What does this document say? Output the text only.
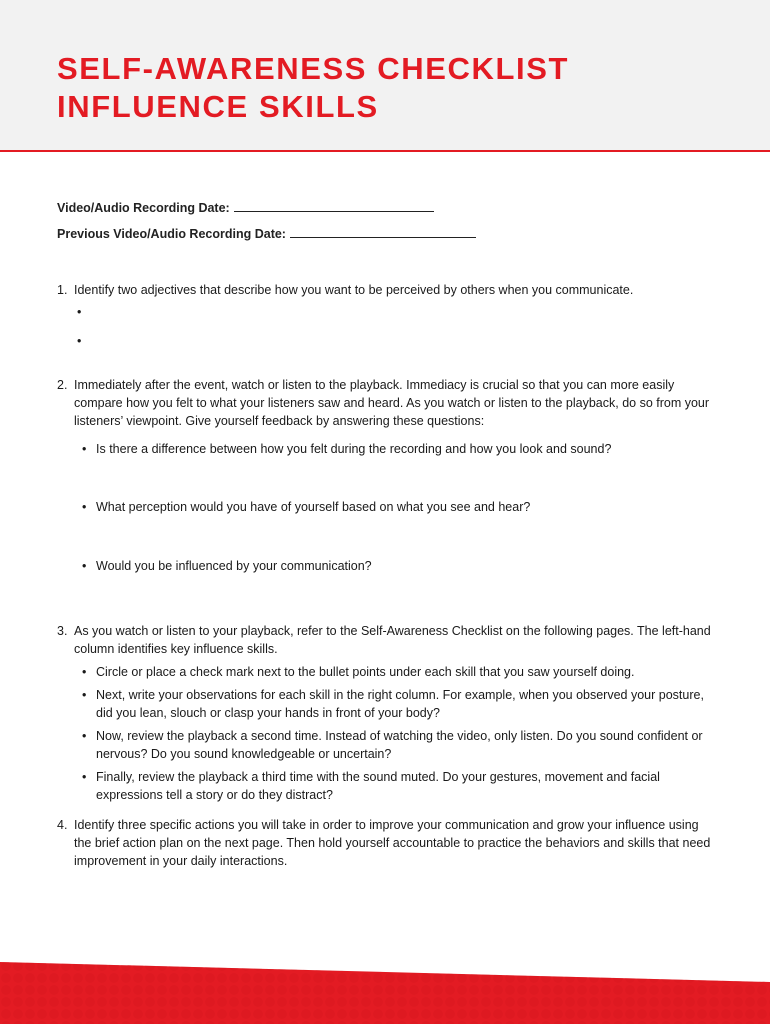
SELF-AWARENESS CHECKLIST
INFLUENCE SKILLS
Video/Audio Recording Date:
Previous Video/Audio Recording Date:
1. Identify two adjectives that describe how you want to be perceived by others when you communicate.
•
•
2. Immediately after the event, watch or listen to the playback. Immediacy is crucial so that you can more easily compare how you felt to what your listeners saw and heard. As you watch or listen to the playback, do so from your listeners’ viewpoint. Give yourself feedback by answering these questions:
• Is there a difference between how you felt during the recording and how you look and sound?
• What perception would you have of yourself based on what you see and hear?
• Would you be influenced by your communication?
3. As you watch or listen to your playback, refer to the Self-Awareness Checklist on the following pages. The left-hand column identifies key influence skills.
• Circle or place a check mark next to the bullet points under each skill that you saw yourself doing.
• Next, write your observations for each skill in the right column. For example, when you observed your posture, did you lean, slouch or clasp your hands in front of your body?
• Now, review the playback a second time. Instead of watching the video, only listen. Do you sound confident or nervous? Do you sound knowledgeable or uncertain?
• Finally, review the playback a third time with the sound muted. Do your gestures, movement and facial expressions tell a story or do they distract?
4. Identify three specific actions you will take in order to improve your communication and grow your influence using the brief action plan on the next page. Then hold yourself accountable to practice the behaviors and skills that need improvement in your daily interactions.
